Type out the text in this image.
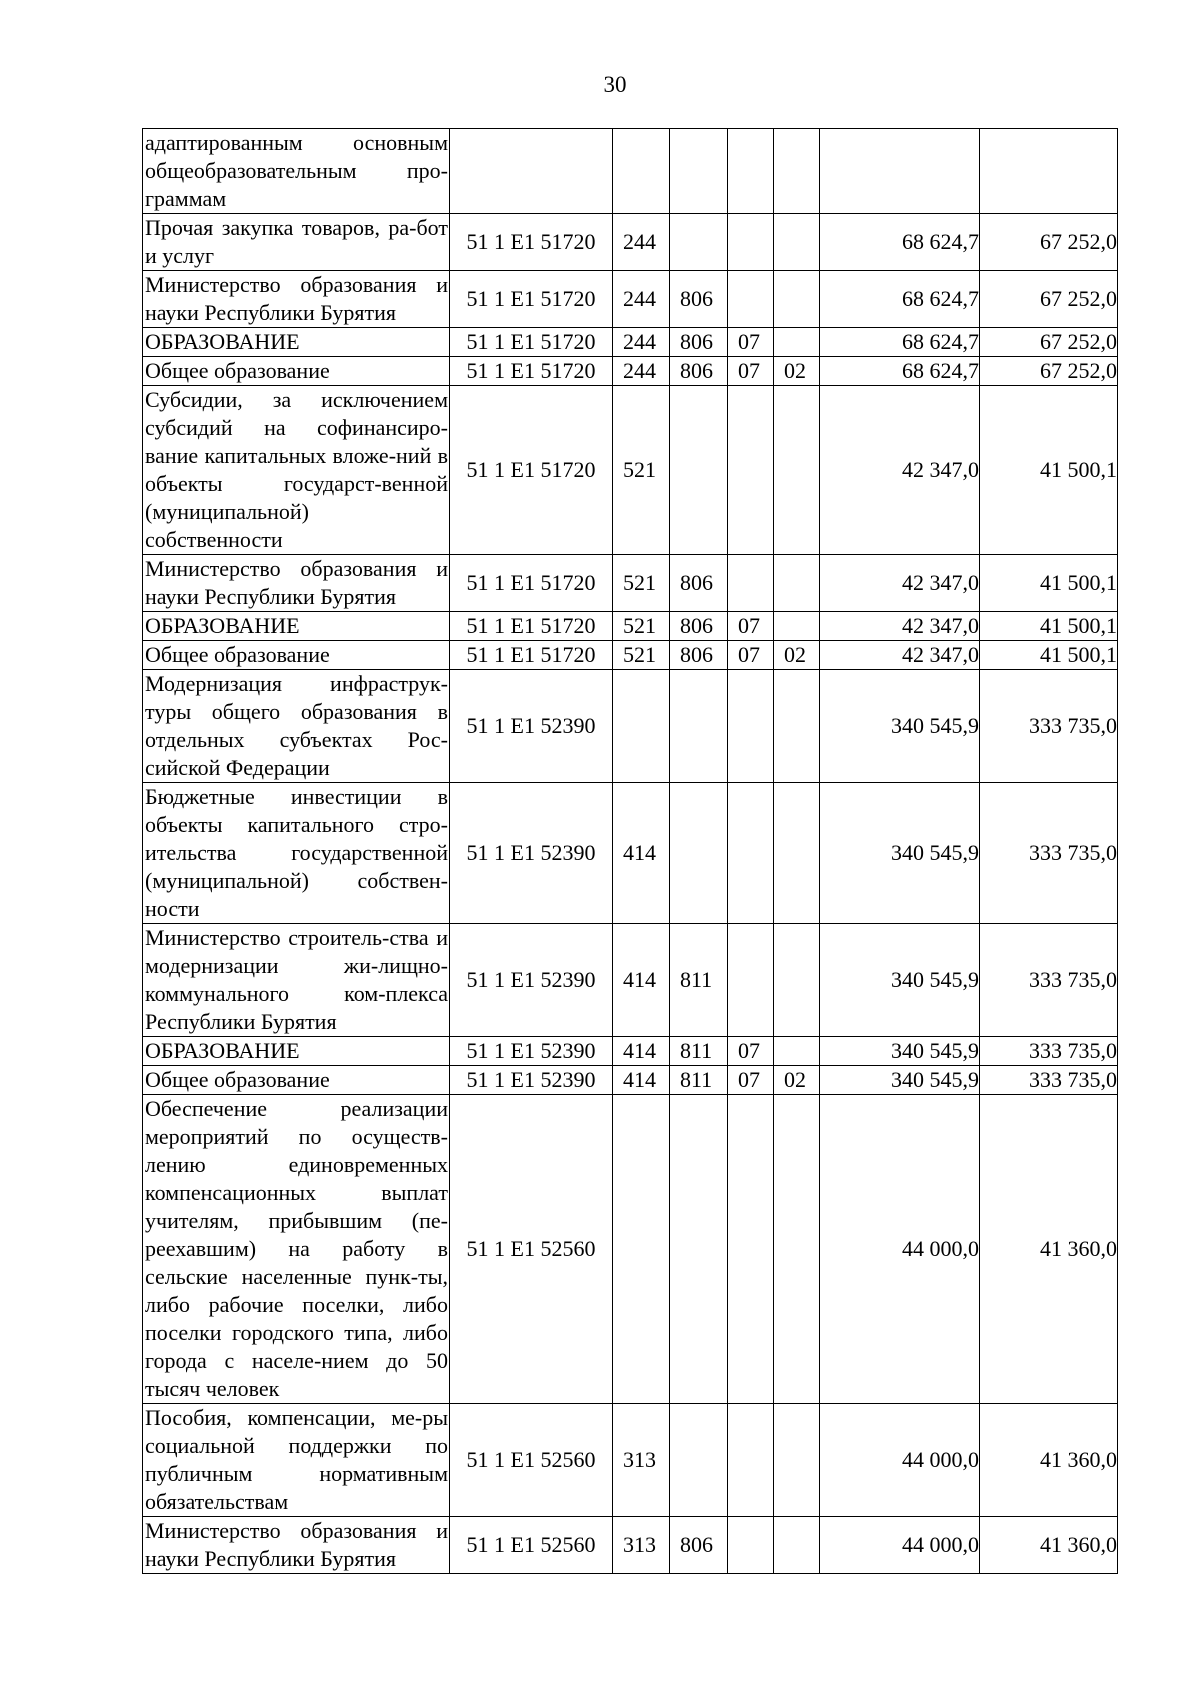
30
адаптированным основным общеобразовательным про-граммам							
Прочая закупка товаров, ра-бот и услуг	51 1 E1 51720	244				68 624,7	67 252,0
Министерство образования и науки Республики Бурятия	51 1 E1 51720	244	806			68 624,7	67 252,0
ОБРАЗОВАНИЕ	51 1 E1 51720	244	806	07		68 624,7	67 252,0
Общее образование	51 1 E1 51720	244	806	07	02	68 624,7	67 252,0
Субсидии, за исключением субсидий на софинансиро-вание капитальных вложе-ний в объекты государст-венной (муниципальной) собственности	51 1 E1 51720	521				42 347,0	41 500,1
Министерство образования и науки Республики Бурятия	51 1 E1 51720	521	806			42 347,0	41 500,1
ОБРАЗОВАНИЕ	51 1 E1 51720	521	806	07		42 347,0	41 500,1
Общее образование	51 1 E1 51720	521	806	07	02	42 347,0	41 500,1
Модернизация инфраструк-туры общего образования в отдельных субъектах Рос-сийской Федерации	51 1 E1 52390					340 545,9	333 735,0
Бюджетные инвестиции в объекты капитального стро-ительства государственной (муниципальной) собствен-ности	51 1 E1 52390	414				340 545,9	333 735,0
Министерство строитель-ства и модернизации жи-лищно-коммунального ком-плекса Республики Бурятия	51 1 E1 52390	414	811			340 545,9	333 735,0
ОБРАЗОВАНИЕ	51 1 E1 52390	414	811	07		340 545,9	333 735,0
Общее образование	51 1 E1 52390	414	811	07	02	340 545,9	333 735,0
Обеспечение реализации мероприятий по осуществ-лению единовременных компенсационных выплат учителям, прибывшим (пе-реехавшим) на работу в сельские населенные пунк-ты, либо рабочие поселки, либо поселки городского типа, либо города с населе-нием до 50 тысяч человек	51 1 E1 52560					44 000,0	41 360,0
Пособия, компенсации, ме-ры социальной поддержки по публичным нормативным обязательствам	51 1 E1 52560	313				44 000,0	41 360,0
Министерство образования и науки Республики Бурятия	51 1 E1 52560	313	806			44 000,0	41 360,0
